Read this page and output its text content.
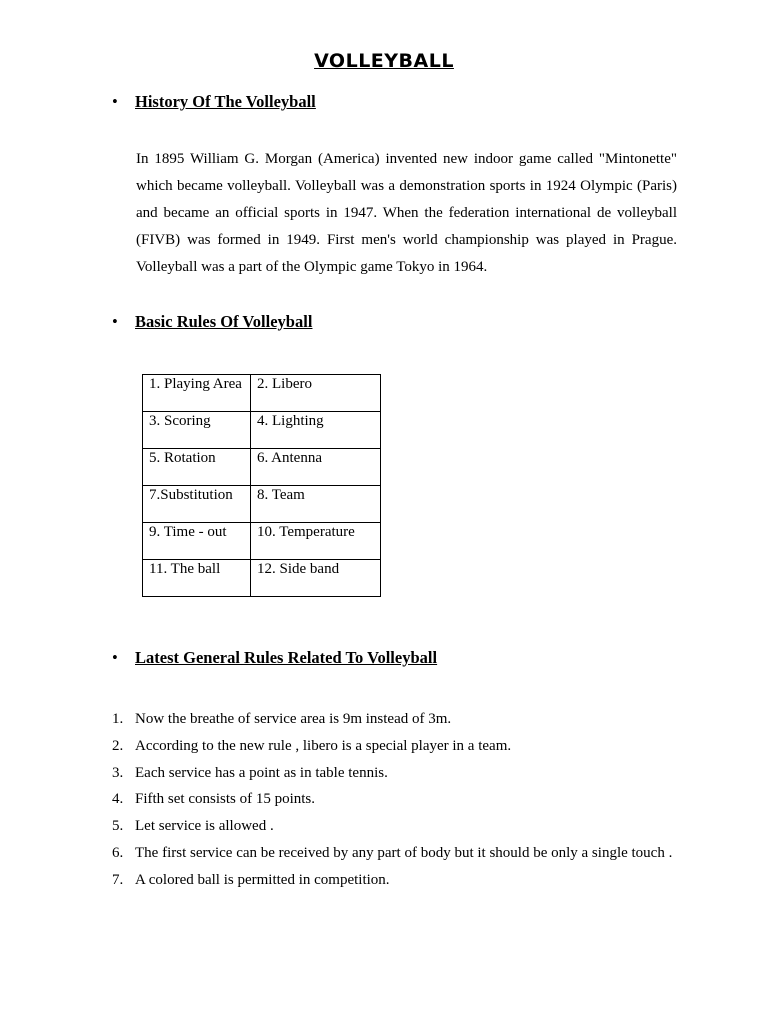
VOLLEYBALL
• History Of The Volleyball

In 1895 William G. Morgan (America) invented new indoor game called "Mintonette" which became volleyball. Volleyball was a demonstration sports in 1924 Olympic (Paris) and became an official sports in 1947. When the federation international de volleyball (FIVB) was formed in 1949. First men's world championship was played in Prague. Volleyball was a part of the Olympic game Tokyo in 1964.

• Basic Rules Of Volleyball
1. Playing Area	2. Libero
3. Scoring	4. Lighting
5. Rotation	6. Antenna
7.Substitution	8. Team
9. Time - out	10. Temperature
11. The ball	12. Side band
• Latest General Rules Related To Volleyball
1. Now the breathe of service area is 9m instead of 3m.
2. According to the new rule , libero is a special player in a team.
3. Each service has a point as in table tennis.
4. Fifth set consists of 15 points.
5. Let service is allowed .
6. The first service can be received by any part of body but it should be only a single touch .
7. A colored ball is permitted in competition.
